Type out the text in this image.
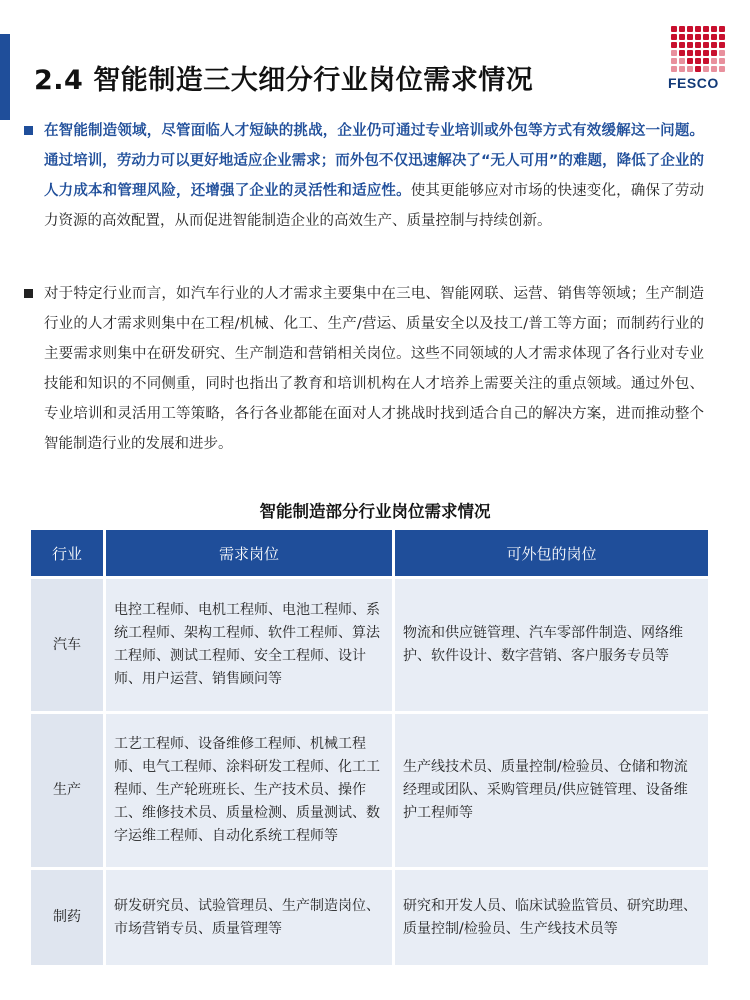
2.4 智能制造三大细分行业岗位需求情况	FESCO
在智能制造领域，尽管面临人才短缺的挑战，企业仍可通过专业培训或外包等方式有效缓解这一问题。通过培训，劳动力可以更好地适应企业需求；而外包不仅迅速解决了“无人可用”的难题，降低了企业的人力成本和管理风险，还增强了企业的灵活性和适应性。使其更能够应对市场的快速变化，确保了劳动力资源的高效配置，从而促进智能制造企业的高效生产、质量控制与持续创新。
对于特定行业而言，如汽车行业的人才需求主要集中在三电、智能网联、运营、销售等领域；生产制造行业的人才需求则集中在工程/机械、化工、生产/营运、质量安全以及技工/普工等方面；而制药行业的主要需求则集中在研发研究、生产制造和营销相关岗位。这些不同领域的人才需求体现了各行业对专业技能和知识的不同侧重，同时也指出了教育和培训机构在人才培养上需要关注的重点领域。通过外包、专业培训和灵活用工等策略，各行各业都能在面对人才挑战时找到适合自己的解决方案，进而推动整个智能制造行业的发展和进步。
智能制造部分行业岗位需求情况
行业	需求岗位	可外包的岗位
汽车	电控工程师、电机工程师、电池工程师、系统工程师、架构工程师、软件工程师、算法工程师、测试工程师、安全工程师、设计师、用户运营、销售顾问等	物流和供应链管理、汽车零部件制造、网络维护、软件设计、数字营销、客户服务专员等
生产	工艺工程师、设备维修工程师、机械工程师、电气工程师、涂料研发工程师、化工工程师、生产轮班班长、生产技术员、操作工、维修技术员、质量检测、质量测试、数字运维工程师、自动化系统工程师等	生产线技术员、质量控制/检验员、仓储和物流经理或团队、采购管理员/供应链管理、设备维护工程师等
制药	研发研究员、试验管理员、生产制造岗位、市场营销专员、质量管理等	研究和开发人员、临床试验监管员、研究助理、质量控制/检验员、生产线技术员等
